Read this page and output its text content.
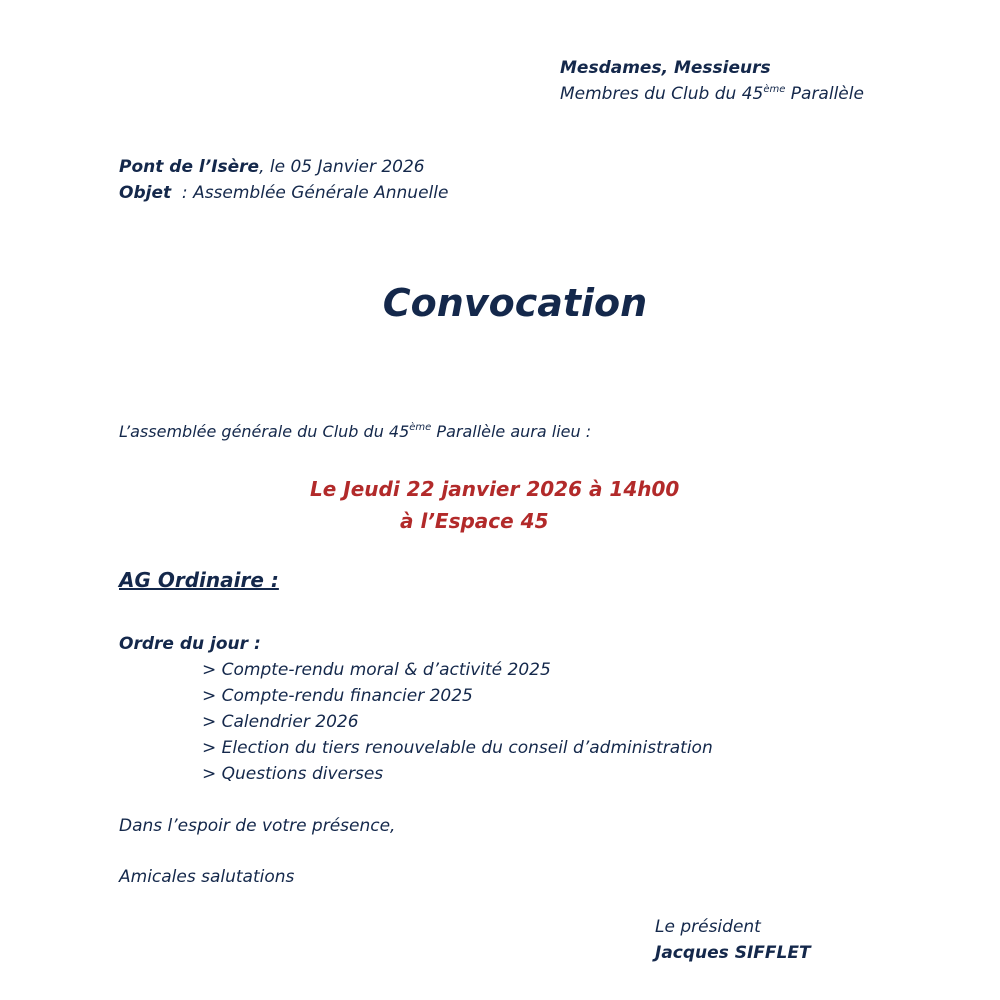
Mesdames, Messieurs
Membres du Club du 45ème Parallèle
Pont de l’Isère, le 05 Janvier 2026
Objet  : Assemblée Générale Annuelle
Convocation
L’assemblée générale du Club du 45ème Parallèle aura lieu :
Le Jeudi 22 janvier 2026 à 14h00
à l’Espace 45
AG Ordinaire :
Ordre du jour :
> Compte-rendu moral & d’activité 2025
> Compte-rendu financier 2025
> Calendrier 2026
> Election du tiers renouvelable du conseil d’administration
> Questions diverses
Dans l’espoir de votre présence,
Amicales salutations
Le président
Jacques SIFFLET
